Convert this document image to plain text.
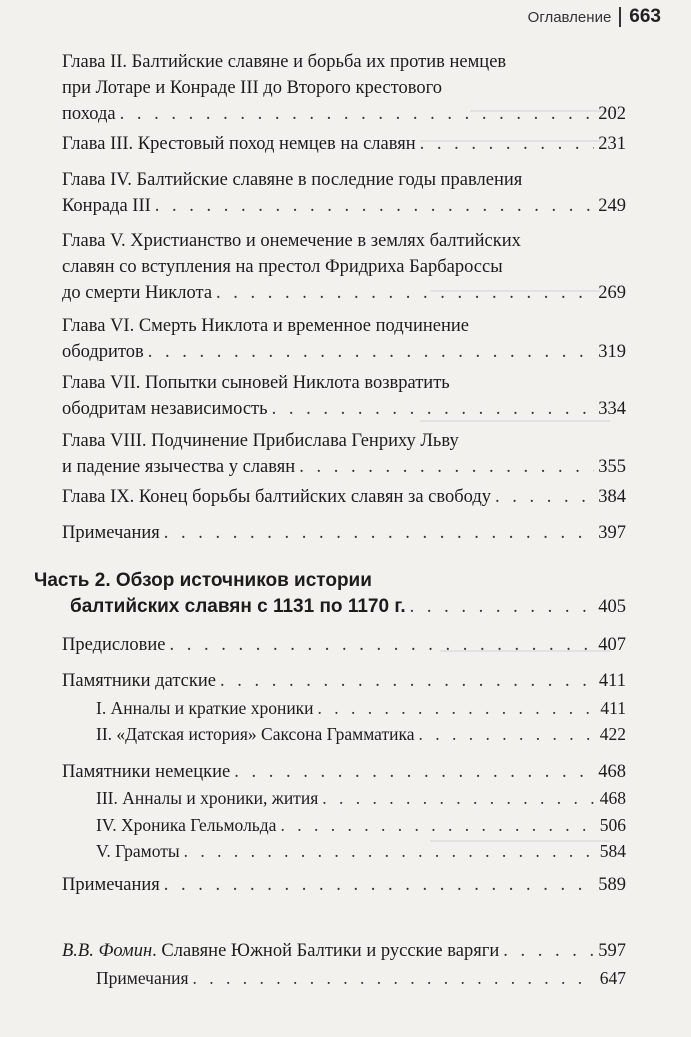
Оглавление 663
Глава II. Балтийские славяне и борьба их против немцев
при Лотаре и Конраде III до Второго крестового
похода . . .	202
Глава III. Крестовый поход немцев на славян . . .	231
Глава IV. Балтийские славяне в последние годы правления
Конрада III . . .	249
Глава V. Христианство и онемечение в землях балтийских
славян со вступления на престол Фридриха Барбароссы
до смерти Никлота . . .	269
Глава VI. Смерть Никлота и временное подчинение
ободритов . . .	319
Глава VII. Попытки сыновей Никлота возвратить
ободритам независимость . . .	334
Глава VIII. Подчинение Прибислава Генриху Льву
и падение язычества у славян . . .	355
Глава IX. Конец борьбы балтийских славян за свободу . . .	384
Примечания . . .	397
Часть 2. Обзор источников истории
балтийских славян с 1131 по 1170 г. . . .	405
Предисловие . . .	407
Памятники датские . . .	411
I. Анналы и краткие хроники . . .	411
II. «Датская история» Саксона Грамматика . . .	422
Памятники немецкие . . .	468
III. Анналы и хроники, жития . . .	468
IV. Хроника Гельмольда . . .	506
V. Грамоты . . .	584
Примечания . . .	589
В.В. Фомин. Славяне Южной Балтики и русские варяги . . .	597
Примечания . . .	647
